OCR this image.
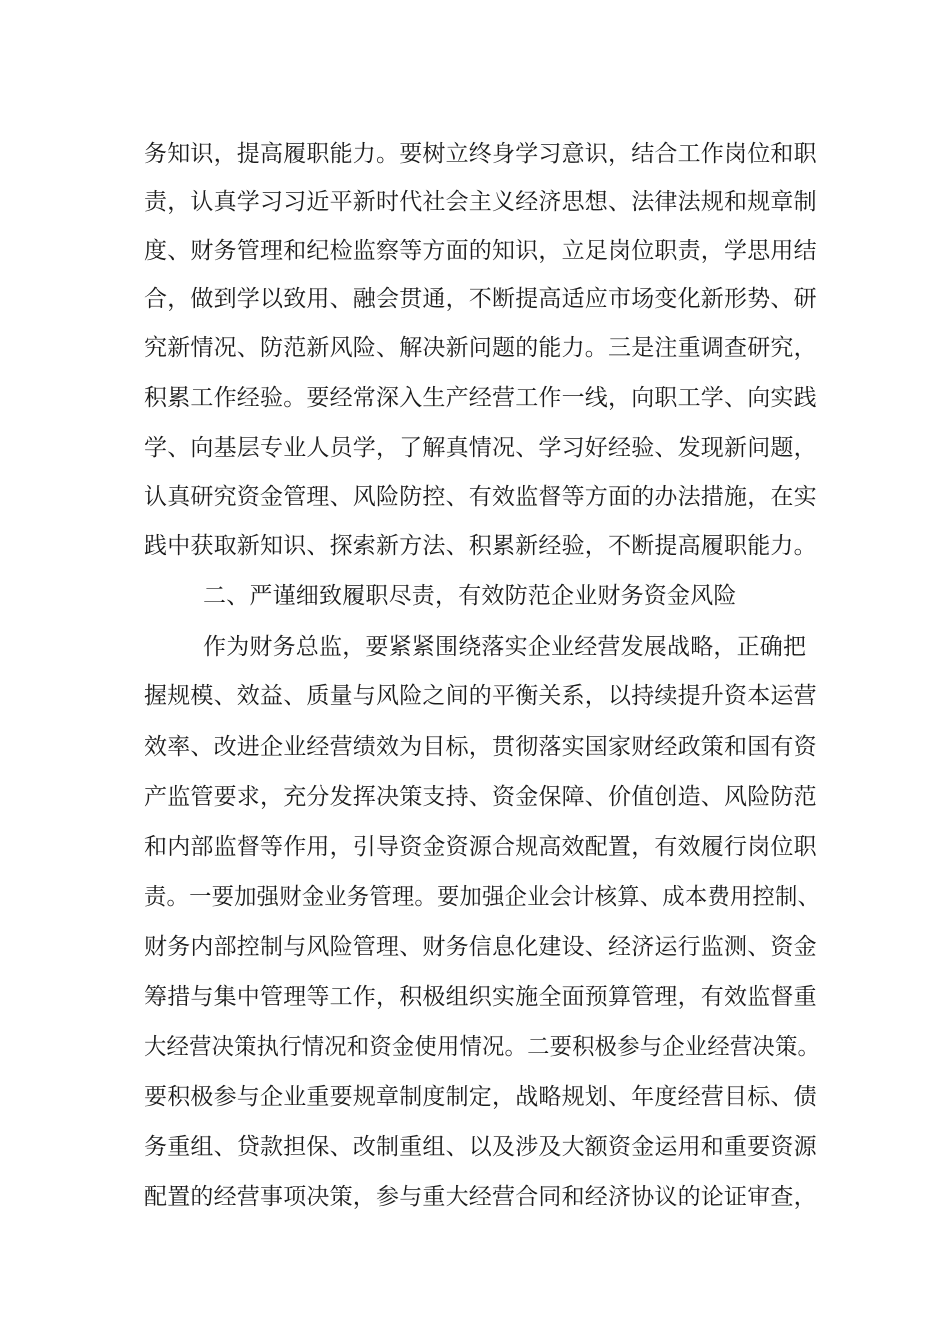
务知识，提高履职能力。要树立终身学习意识，结合工作岗位和职
责，认真学习习近平新时代社会主义经济思想、法律法规和规章制
度、财务管理和纪检监察等方面的知识，立足岗位职责，学思用结
合，做到学以致用、融会贯通，不断提高适应市场变化新形势、研
究新情况、防范新风险、解决新问题的能力。三是注重调查研究，
积累工作经验。要经常深入生产经营工作一线，向职工学、向实践
学、向基层专业人员学，了解真情况、学习好经验、发现新问题，
认真研究资金管理、风险防控、有效监督等方面的办法措施，在实
践中获取新知识、探索新方法、积累新经验，不断提高履职能力。
二、严谨细致履职尽责，有效防范企业财务资金风险
作为财务总监，要紧紧围绕落实企业经营发展战略，正确把
握规模、效益、质量与风险之间的平衡关系，以持续提升资本运营
效率、改进企业经营绩效为目标，贯彻落实国家财经政策和国有资
产监管要求，充分发挥决策支持、资金保障、价值创造、风险防范
和内部监督等作用，引导资金资源合规高效配置，有效履行岗位职
责。一要加强财金业务管理。要加强企业会计核算、成本费用控制、
财务内部控制与风险管理、财务信息化建设、经济运行监测、资金
筹措与集中管理等工作，积极组织实施全面预算管理，有效监督重
大经营决策执行情况和资金使用情况。二要积极参与企业经营决策。
要积极参与企业重要规章制度制定，战略规划、年度经营目标、债
务重组、贷款担保、改制重组、以及涉及大额资金运用和重要资源
配置的经营事项决策，参与重大经营合同和经济协议的论证审查，
